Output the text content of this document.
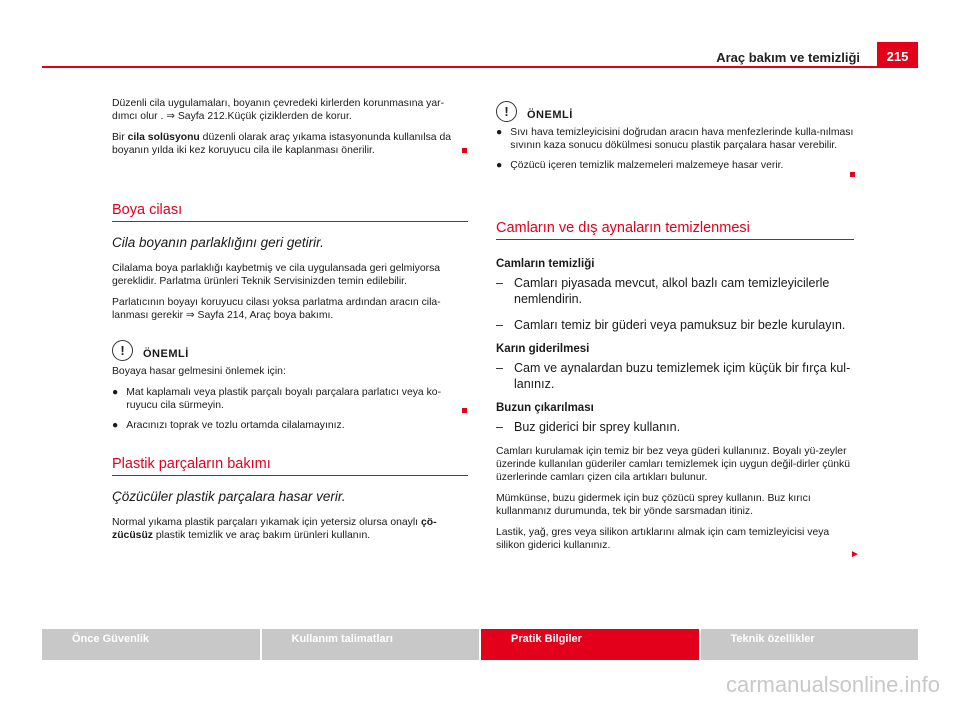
Araç bakım ve temizliği	215

Düzenli cila uygulamaları, boyanın çevredeki kirlerden korunmasına yar-dımcı olur . ⇒ Sayfa 212.Küçük çiziklerden de korur.

Bir cila solüsyonu düzenli olarak araç yıkama istasyonunda kullanılsa da boyanın yılda iki kez koruyucu cila ile kaplanması önerilir.

Boya cilası
Cila boyanın parlaklığını geri getirir.

Cilalama boya parlaklığı kaybetmiş ve cila uygulansada geri gelmiyorsa gereklidir. Parlatma ürünleri Teknik Servisinizden temin edilebilir.

Parlatıcının boyayı koruyucu cilası yoksa parlatma ardından aracın cila-lanması gerekir ⇒ Sayfa 214, Araç boya bakımı.

!	ÖNEMLİ

Boyaya hasar gelmesini önlemek için:

● Mat kaplamalı veya plastik parçalı boyalı parçalara parlatıcı veya ko-ruyucu cila sürmeyin.
● Aracınızı toprak ve tozlu ortamda cilalamayınız.
Plastik parçaların bakımı
Çözücüler plastik parçalara hasar verir.

Normal yıkama plastik parçaları yıkamak için yetersiz olursa onaylı çö-zücüsüz plastik temizlik ve araç bakım ürünleri kullanın.

!	ÖNEMLİ
● Sıvı hava temizleyicisini doğrudan aracın hava menfezlerinde kulla-nılması sıvının kaza sonucu dökülmesi sonucu plastik parçalara hasar verebilir.
● Çözücü içeren temizlik malzemeleri malzemeye hasar verir.
Camların ve dış aynaların temizlenmesi
Camların temizliği
– Camları piyasada mevcut, alkol bazlı cam temizleyicilerle nemlendirin.
– Camları temiz bir güderi veya pamuksuz bir bezle kurulayın.
Karın giderilmesi
– Cam ve aynalardan buzu temizlemek içim küçük bir fırça kul-lanınız.
Buzun çıkarılması
– Buz giderici bir sprey kullanın.

Camları kurulamak için temiz bir bez veya güderi kullanınız. Boyalı yü-zeyler üzerinde kullanılan güderiler camları temizlemek için uygun değil-dirler çünkü üzerlerinde camları çizen cila artıkları bulunur.

Mümkünse, buzu gidermek için buz çözücü sprey kullanın. Buz kırıcı kullanmanız durumunda, tek bir yönde sarsmadan itiniz.

Lastik, yağ, gres veya silikon artıklarını almak için cam temizleyicisi veya silikon giderici kullanınız.

►
Önce Güvenlik	Kullanım talimatları	Pratik Bilgiler	Teknik özellikler
carmanualsonline.info
